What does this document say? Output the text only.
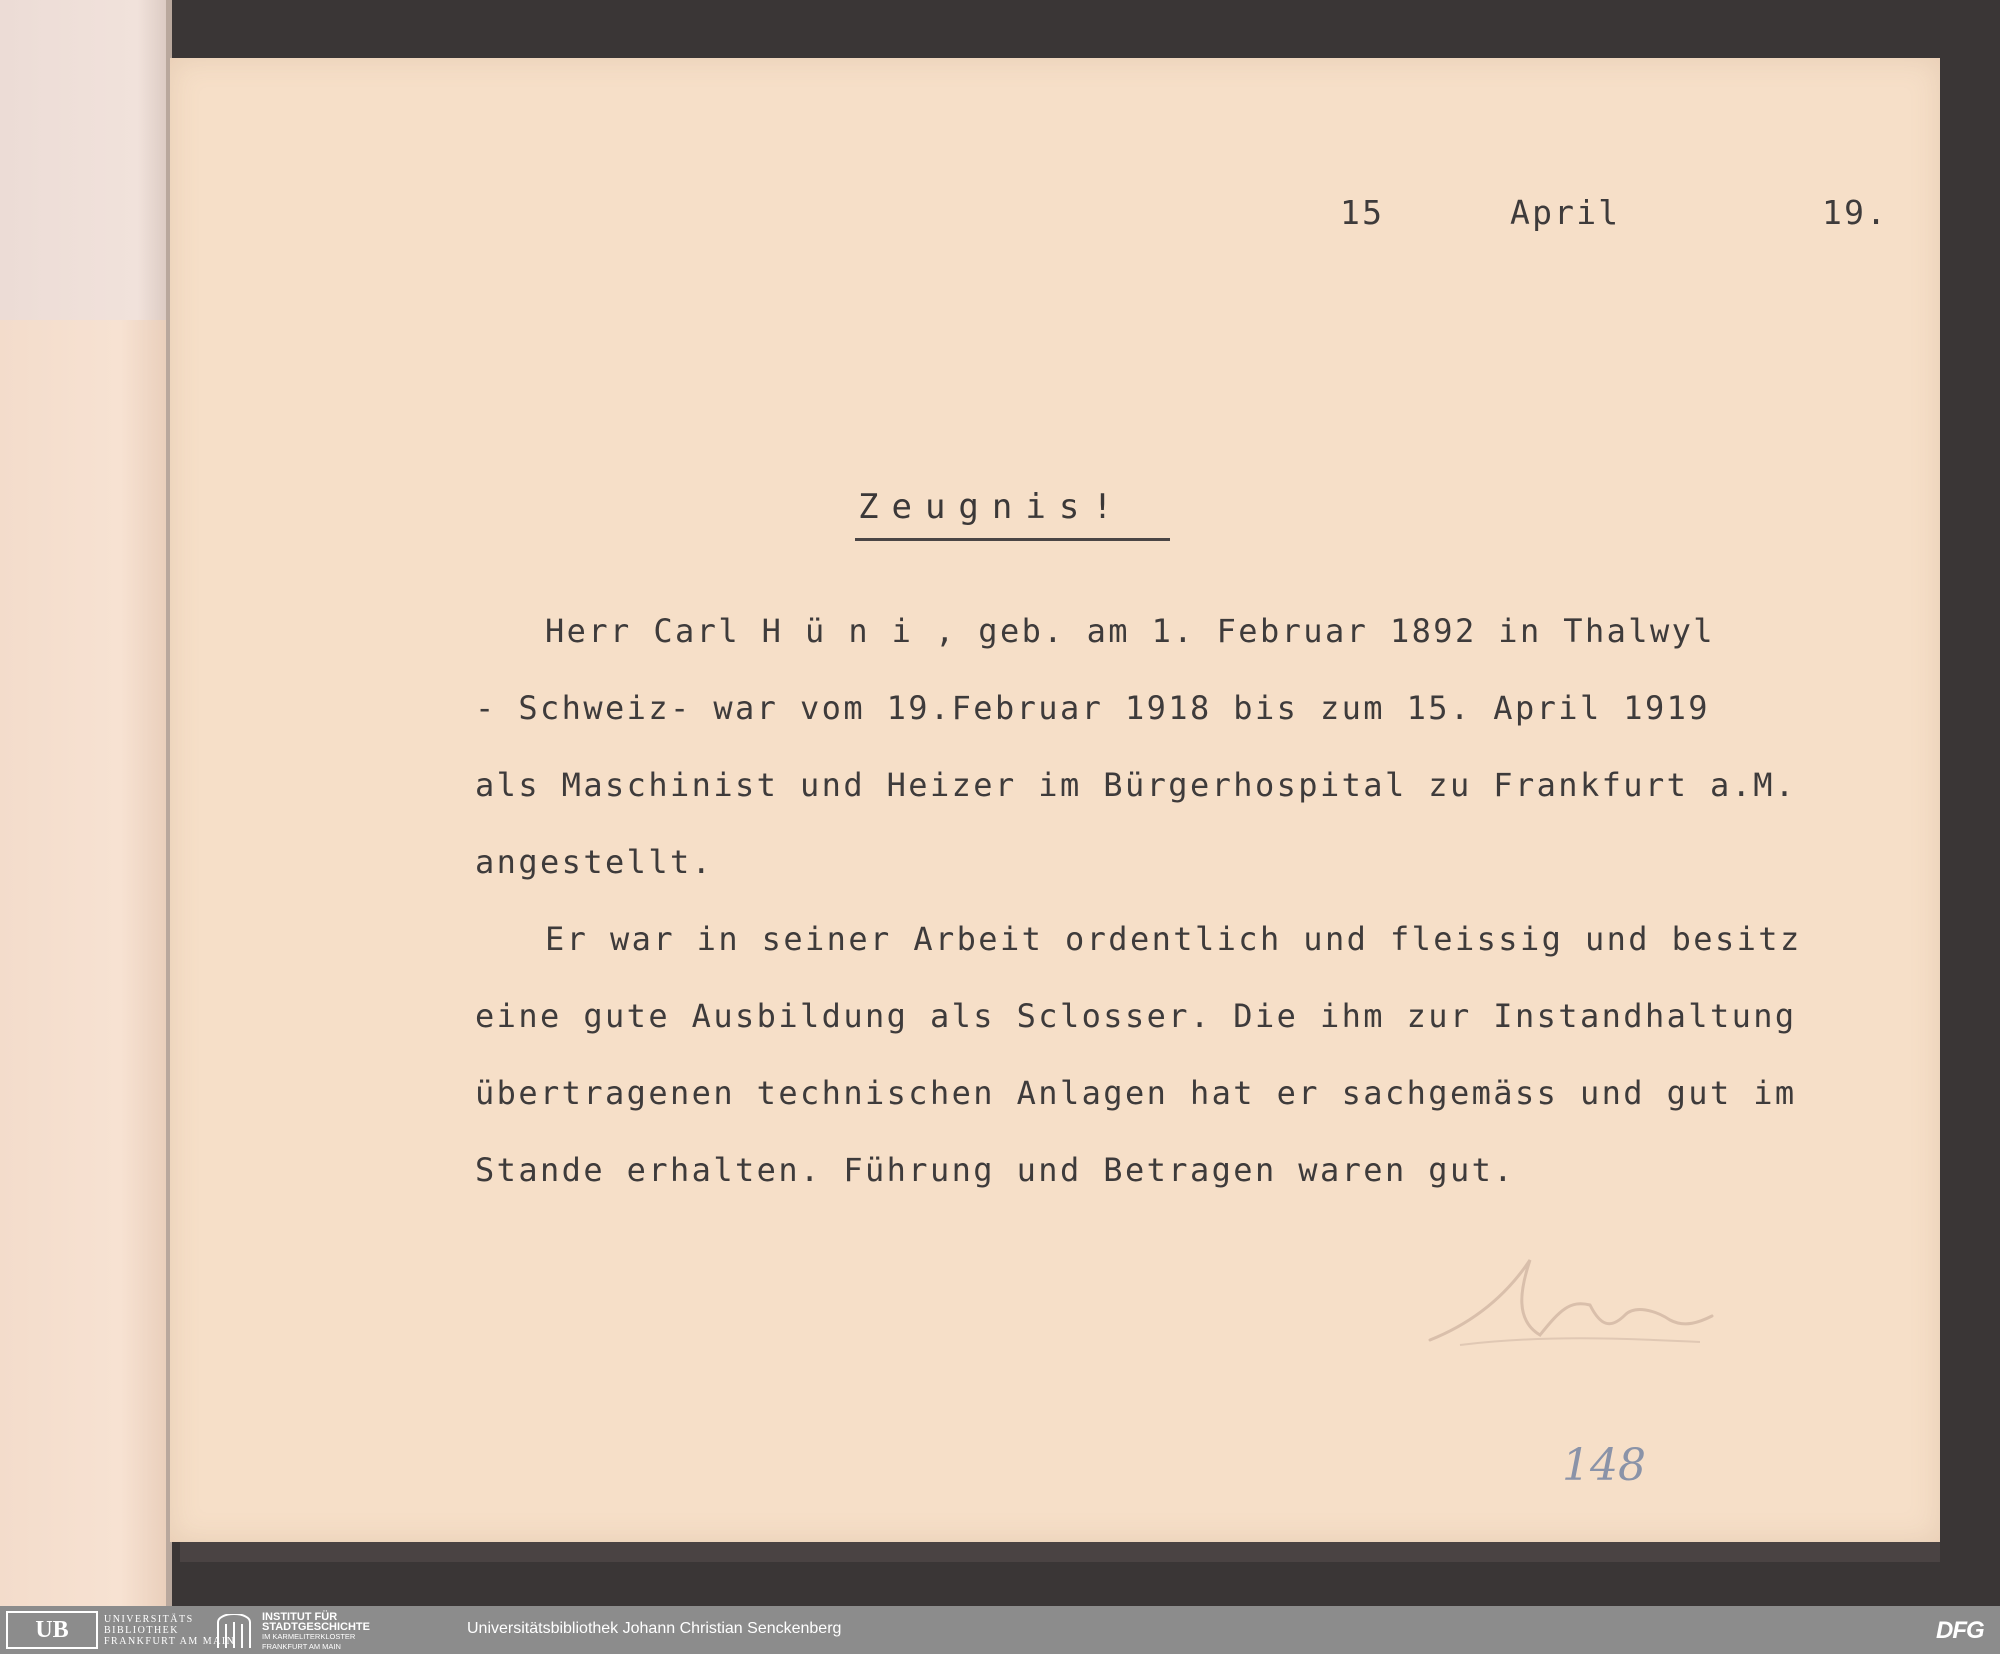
15	April	19.
Zeugnis!
Herr Carl H ü n i , geb. am 1. Februar 1892 in Thalwyl
- Schweiz- war vom 19.Februar 1918 bis zum 15. April 1919
als Maschinist und Heizer im Bürgerhospital zu Frankfurt a.M.
angestellt.
Er war in seiner Arbeit ordentlich und fleissig und besitz
eine gute Ausbildung als Sclosser. Die ihm zur Instandhaltung
übertragenen technischen Anlagen hat er sachgemäss und gut im
Stande erhalten. Führung und Betragen waren gut.
148
UB	UNIVERSITÄTS
BIBLIOTHEK
FRANKFURT AM MAIN
INSTITUT FÜR
STADTGESCHICHTE
IM KARMELITERKLOSTER
FRANKFURT AM MAIN
Universitätsbibliothek Johann Christian Senckenberg	DFG
